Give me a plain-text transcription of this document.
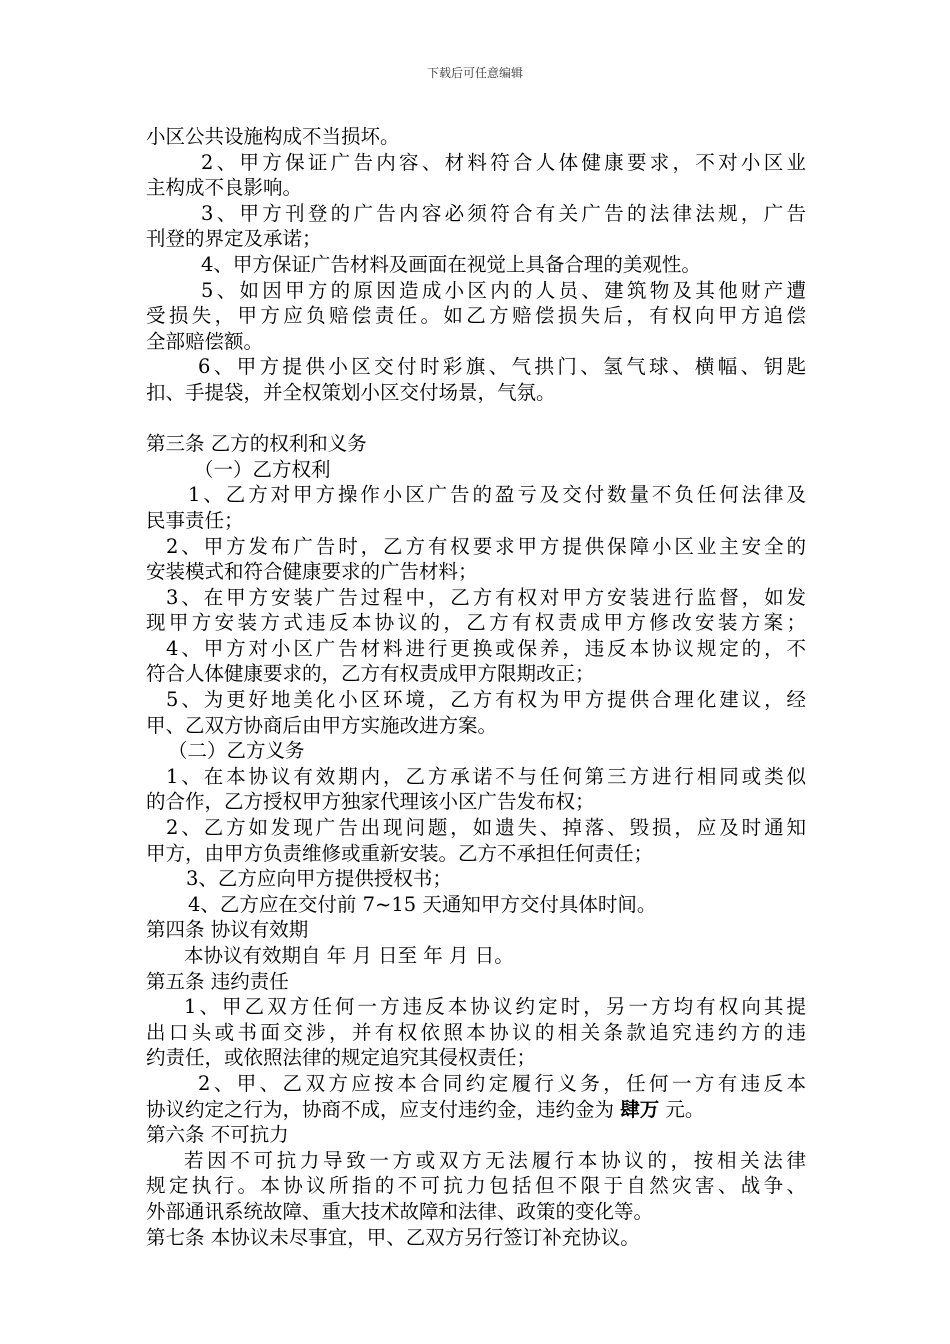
下载后可任意编辑
小区公共设施构成不当损坏。
2、甲方保证广告内容、材料符合人体健康要求，不对小区业
主构成不良影响。
3、甲方刊登的广告内容必须符合有关广告的法律法规，广告
刊登的界定及承诺；
4、甲方保证广告材料及画面在视觉上具备合理的美观性。
5、如因甲方的原因造成小区内的人员、建筑物及其他财产遭
受损失，甲方应负赔偿责任。如乙方赔偿损失后，有权向甲方追偿
全部赔偿额。
6、甲方提供小区交付时彩旗、气拱门、氢气球、横幅、钥匙
扣、手提袋，并全权策划小区交付场景，气氛。
第三条 乙方的权利和义务
（一）乙方权利
1、乙方对甲方操作小区广告的盈亏及交付数量不负任何法律及
民事责任；
2、甲方发布广告时，乙方有权要求甲方提供保障小区业主安全的
安装模式和符合健康要求的广告材料；
3、在甲方安装广告过程中，乙方有权对甲方安装进行监督，如发
现甲方安装方式违反本协议的，乙方有权责成甲方修改安装方案；
4、甲方对小区广告材料进行更换或保养，违反本协议规定的，不
符合人体健康要求的，乙方有权责成甲方限期改正；
5、为更好地美化小区环境，乙方有权为甲方提供合理化建议，经
甲、乙双方协商后由甲方实施改进方案。
（二）乙方义务
1、在本协议有效期内，乙方承诺不与任何第三方进行相同或类似
的合作，乙方授权甲方独家代理该小区广告发布权；
2、乙方如发现广告出现问题，如遗失、掉落、毁损，应及时通知
甲方，由甲方负责维修或重新安装。乙方不承担任何责任；
3、乙方应向甲方提供授权书；
4、乙方应在交付前 7~15 天通知甲方交付具体时间。
第四条 协议有效期
本协议有效期自 年 月 日至 年 月 日。
第五条 违约责任
1、甲乙双方任何一方违反本协议约定时，另一方均有权向其提
出口头或书面交涉，并有权依照本协议的相关条款追究违约方的违
约责任，或依照法律的规定追究其侵权责任；
2、甲、乙双方应按本合同约定履行义务，任何一方有违反本
协议约定之行为，协商不成，应支付违约金，违约金为 肆万 元。
第六条 不可抗力
若因不可抗力导致一方或双方无法履行本协议的，按相关法律
规定执行。本协议所指的不可抗力包括但不限于自然灾害、战争、
外部通讯系统故障、重大技术故障和法律、政策的变化等。
第七条 本协议未尽事宜，甲、乙双方另行签订补充协议。
